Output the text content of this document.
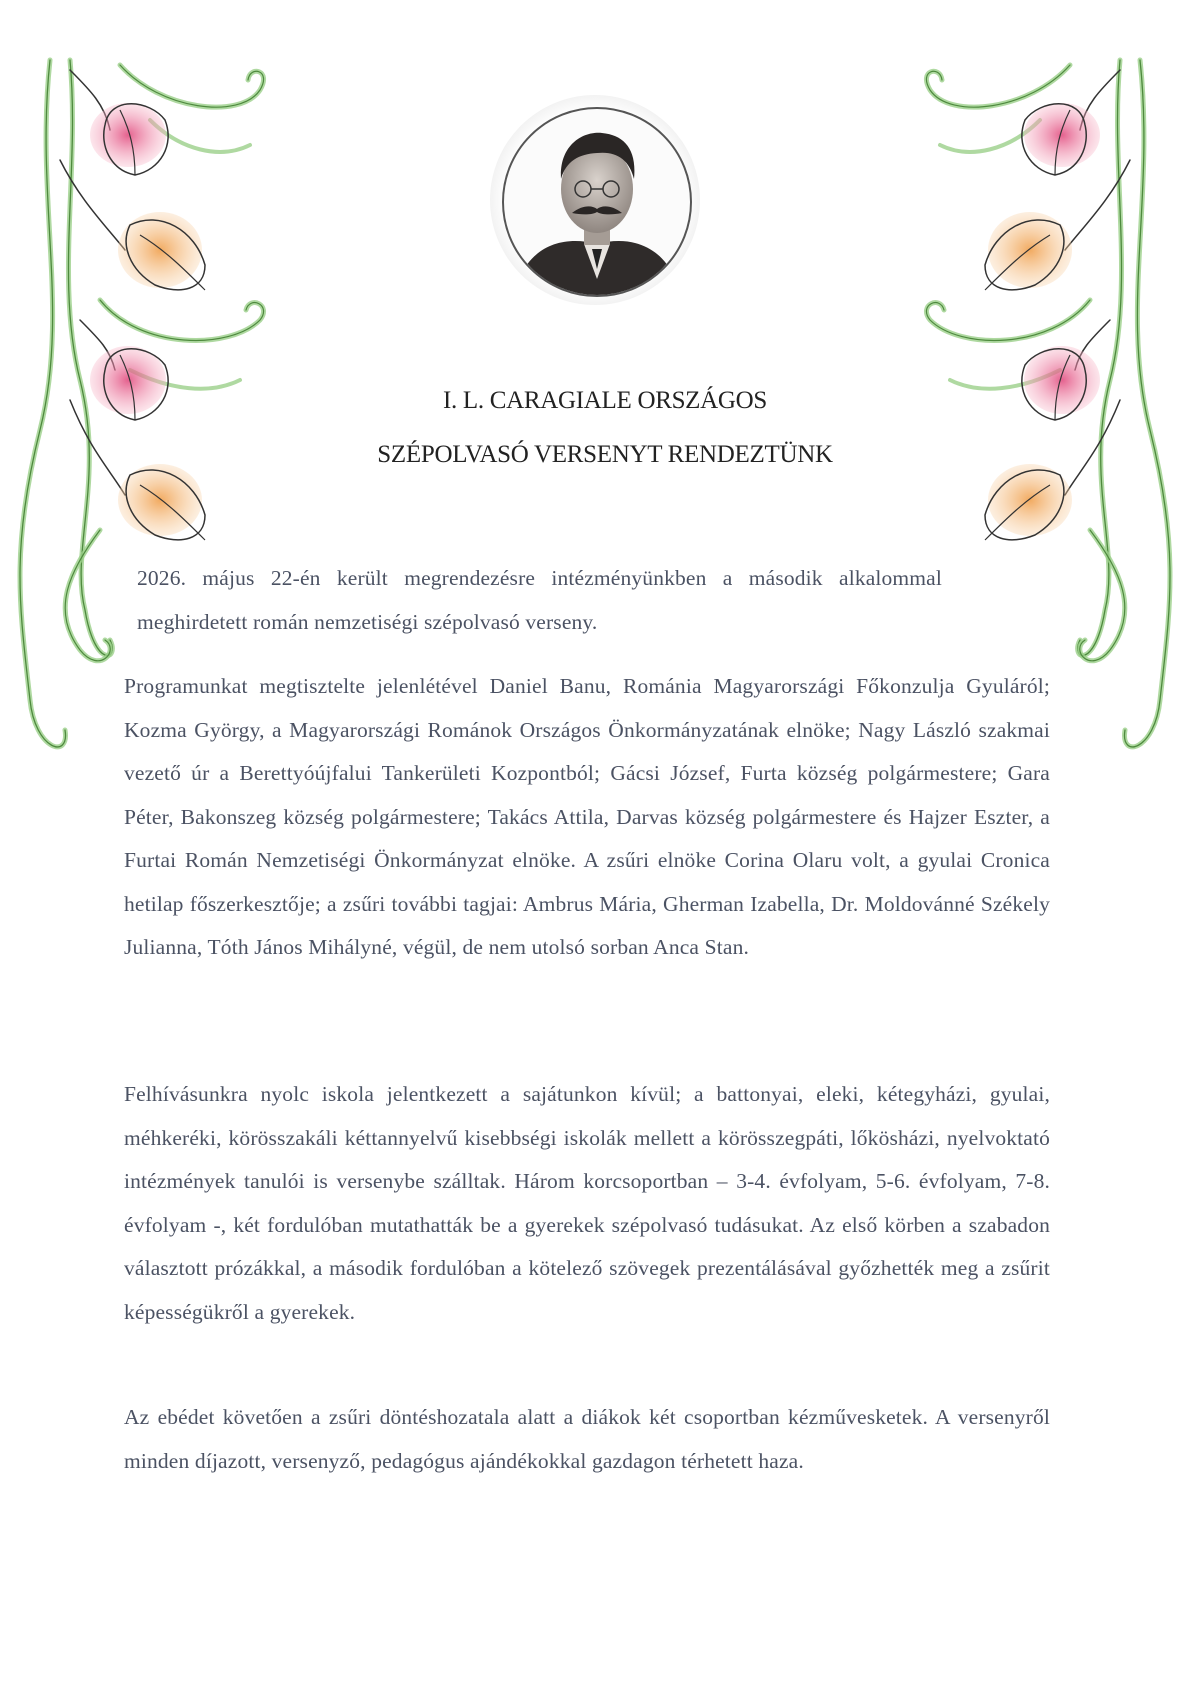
I. L. CARAGIALE ORSZÁGOS
SZÉPOLVASÓ VERSENYT RENDEZTÜNK

2026. május 22-én került megrendezésre intézményünkben a második alkalommal meghirdetett román nemzetiségi szépolvasó verseny.

Programunkat megtisztelte jelenlétével Daniel Banu, Románia Magyarországi Főkonzulja Gyuláról; Kozma György, a Magyarországi Románok Országos Önkormányzatának elnöke; Nagy László szakmai vezető úr a Berettyóújfalui Tankerületi Kozpontból; Gácsi József, Furta község polgármestere; Gara Péter, Bakonszeg község polgármestere; Takács Attila, Darvas község polgármestere és Hajzer Eszter, a Furtai Román Nemzetiségi Önkormányzat elnöke. A zsűri elnöke Corina Olaru volt, a gyulai Cronica hetilap főszerkesztője; a zsűri további tagjai: Ambrus Mária, Gherman Izabella, Dr. Moldovánné Székely Julianna, Tóth János Mihályné, végül, de nem utolsó sorban Anca Stan.

Felhívásunkra nyolc iskola jelentkezett a sajátunkon kívül; a battonyai, eleki, kétegyházi, gyulai, méhkeréki, körösszakáli kéttannyelvű kisebbségi iskolák mellett a körösszegpáti, lőkösházi, nyelvoktató intézmények tanulói is versenybe szálltak. Három korcsoportban – 3-4. évfolyam, 5-6. évfolyam, 7-8. évfolyam -, két fordulóban mutathatták be a gyerekek szépolvasó tudásukat. Az első körben a szabadon választott prózákkal, a második fordulóban a kötelező szövegek prezentálásával győzhették meg a zsűrit képességükről a gyerekek.

Az ebédet követően a zsűri döntéshozatala alatt a diákok két csoportban kézművesketek. A versenyről minden díjazott, versenyző, pedagógus ajándékokkal gazdagon térhetett haza.
